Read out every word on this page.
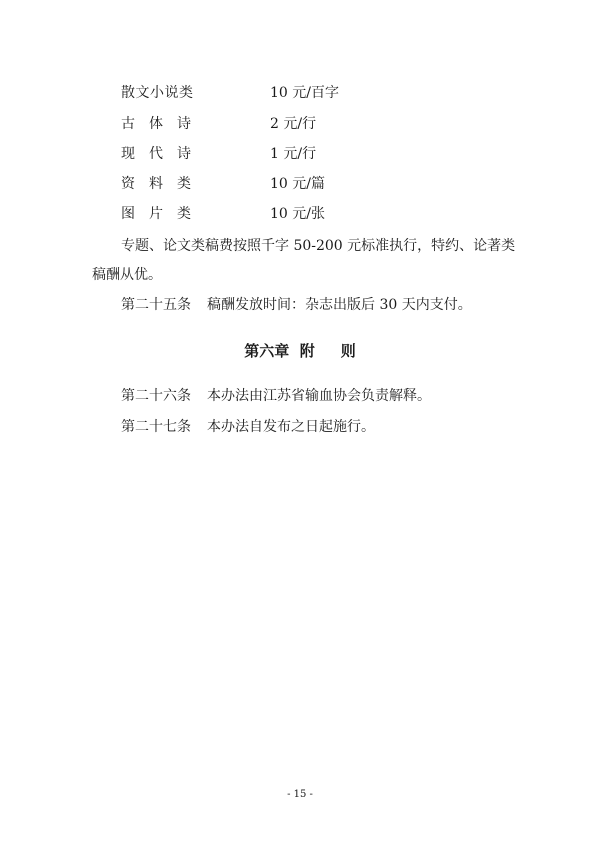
散文小说类	10 元/百字
古 体 诗	2 元/行
现 代 诗	1 元/行
资 料 类	10 元/篇
图 片 类	10 元/张
专题、论文类稿费按照千字 50-200 元标准执行，特约、论著类
稿酬从优。
第二十五条 稿酬发放时间：杂志出版后 30 天内支付。
第六章 附 则
第二十六条 本办法由江苏省输血协会负责解释。
第二十七条 本办法自发布之日起施行。
- 15 -
